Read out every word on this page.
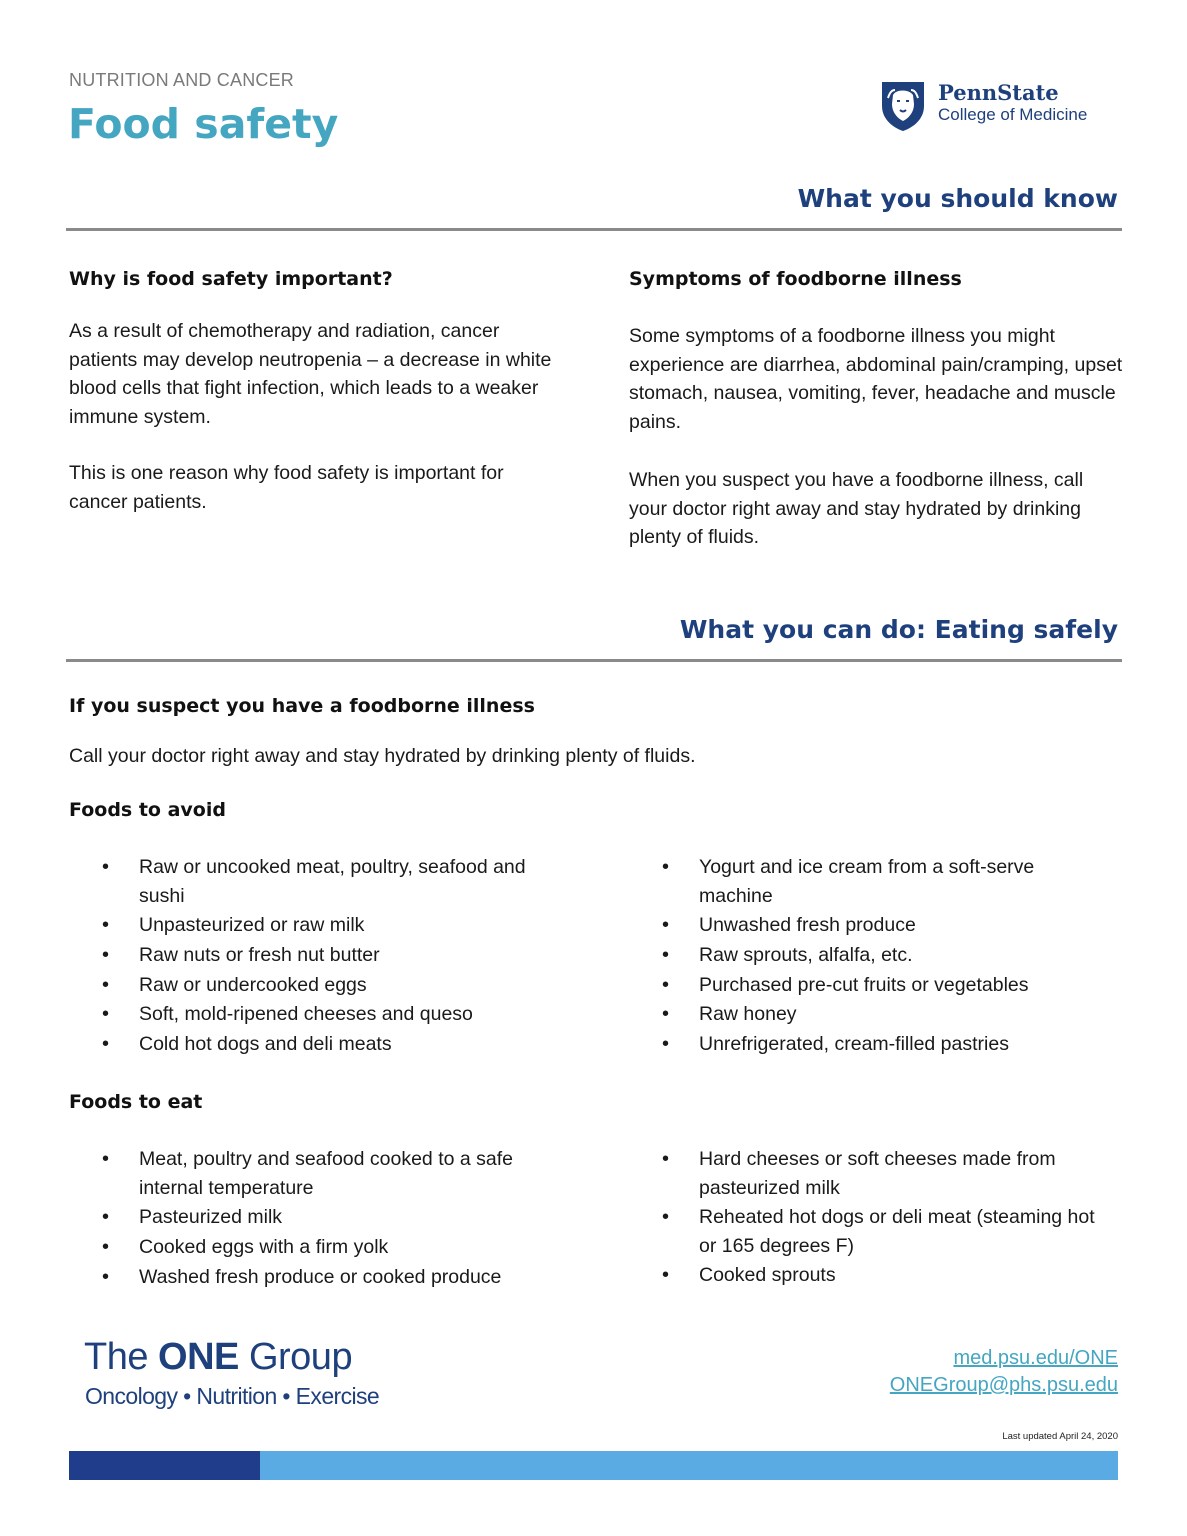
NUTRITION AND CANCER
Food safety
PennState
College of Medicine
What you should know
Why is food safety important?

As a result of chemotherapy and radiation, cancer patients may develop neutropenia – a decrease in white blood cells that fight infection, which leads to a weaker immune system.

This is one reason why food safety is important for cancer patients.

Symptoms of foodborne illness

Some symptoms of a foodborne illness you might experience are diarrhea, abdominal pain/cramping, upset stomach, nausea, vomiting, fever, headache and muscle pains.

When you suspect you have a foodborne illness, call your doctor right away and stay hydrated by drinking plenty of fluids.

What you can do: Eating safely
If you suspect you have a foodborne illness
Call your doctor right away and stay hydrated by drinking plenty of fluids.
Foods to avoid
• Raw or uncooked meat, poultry, seafood and sushi
• Unpasteurized or raw milk
• Raw nuts or fresh nut butter
• Raw or undercooked eggs
• Soft, mold-ripened cheeses and queso
• Cold hot dogs and deli meats
• Yogurt and ice cream from a soft-serve machine
• Unwashed fresh produce
• Raw sprouts, alfalfa, etc.
• Purchased pre-cut fruits or vegetables
• Raw honey
• Unrefrigerated, cream-filled pastries
Foods to eat
• Meat, poultry and seafood cooked to a safe internal temperature
• Pasteurized milk
• Cooked eggs with a firm yolk
• Washed fresh produce or cooked produce
• Hard cheeses or soft cheeses made from pasteurized milk
• Reheated hot dogs or deli meat (steaming hot or 165 degrees F)
• Cooked sprouts
The ONE Group
Oncology • Nutrition • Exercise
med.psu.edu/ONE
ONEGroup@phs.psu.edu
Last updated April 24, 2020
